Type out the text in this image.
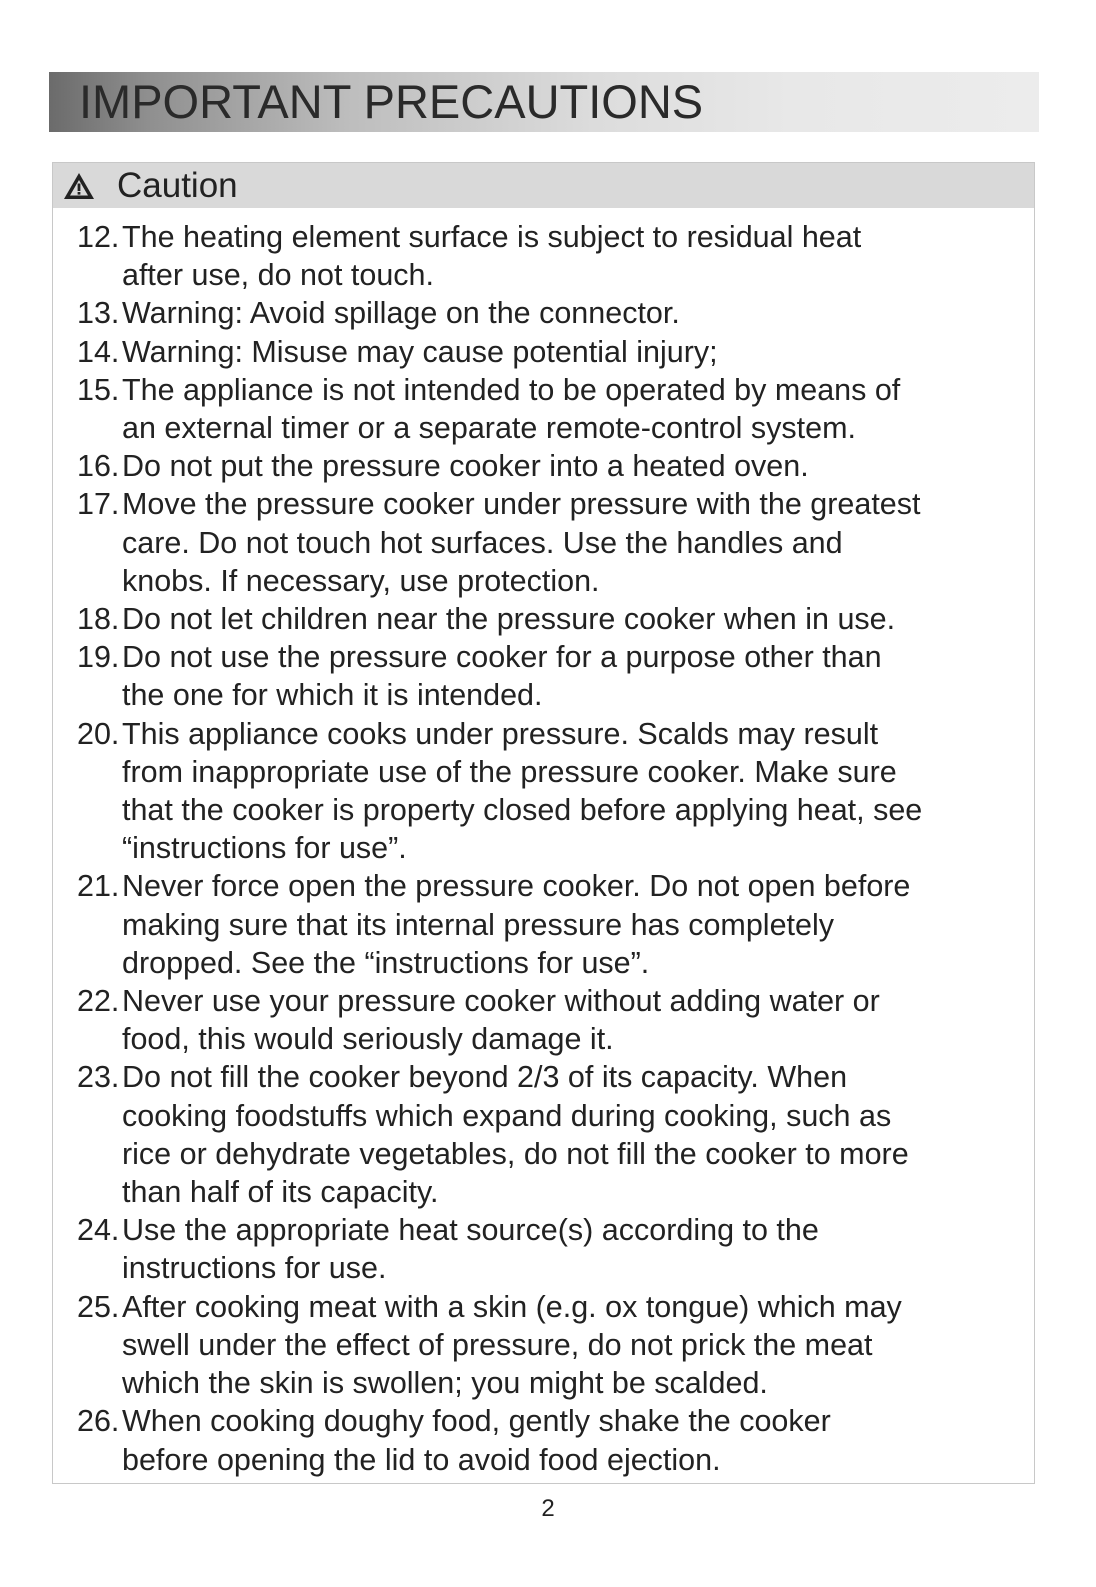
IMPORTANT PRECAUTIONS
Caution
12. The heating element surface is subject to residual heat
after use, do not touch.
13. Warning: Avoid spillage on the connector.
14. Warning: Misuse may cause potential injury;
15. The appliance is not intended to be operated by means of
an external timer or a separate remote-control system.
16. Do not put the pressure cooker into a heated oven.
17. Move the pressure cooker under pressure with the greatest
care. Do not touch hot surfaces. Use the handles and
knobs. If necessary, use protection.
18. Do not let children near the pressure cooker when in use.
19. Do not use the pressure cooker for a purpose other than
the one for which it is intended.
20. This appliance cooks under pressure. Scalds may result
from inappropriate use of the pressure cooker. Make sure
that the cooker is property closed before applying heat, see
“instructions for use”.
21. Never force open the pressure cooker. Do not open before
making sure that its internal pressure has completely
dropped. See the “instructions for use”.
22. Never use your pressure cooker without adding water or
food, this would seriously damage it.
23. Do not fill the cooker beyond 2/3 of its capacity. When
cooking foodstuffs which expand during cooking, such as
rice or dehydrate vegetables, do not fill the cooker to more
than half of its capacity.
24. Use the appropriate heat source(s) according to the
instructions for use.
25. After cooking meat with a skin (e.g. ox tongue) which may
swell under the effect of pressure, do not prick the meat
which the skin is swollen; you might be scalded.
26. When cooking doughy food, gently shake the cooker
before opening the lid to avoid food ejection.
2
